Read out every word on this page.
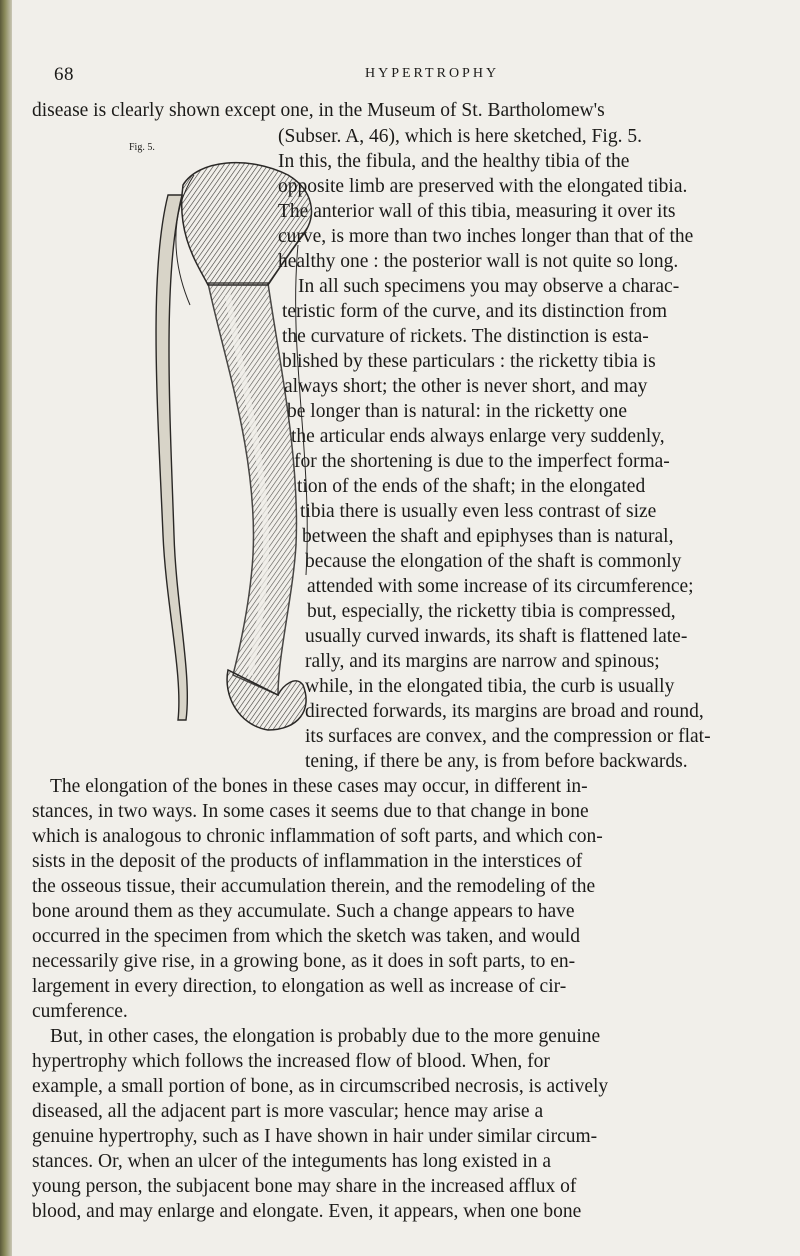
68	HYPERTROPHY
Fig. 5.
disease is clearly shown except one, in the Museum of St. Bartholomew's
(Subser. A, 46), which is here sketched, Fig. 5.
In this, the fibula, and the healthy tibia of the
opposite limb are preserved with the elongated tibia.
The anterior wall of this tibia, measuring it over its
curve, is more than two inches longer than that of the
healthy one : the posterior wall is not quite so long.
In all such specimens you may observe a charac-
teristic form of the curve, and its distinction from
the curvature of rickets. The distinction is esta-
blished by these particulars : the ricketty tibia is
always short; the other is never short, and may
be longer than is natural: in the ricketty one
the articular ends always enlarge very suddenly,
for the shortening is due to the imperfect forma-
tion of the ends of the shaft; in the elongated
tibia there is usually even less contrast of size
between the shaft and epiphyses than is natural,
because the elongation of the shaft is commonly
attended with some increase of its circumference;
but, especially, the ricketty tibia is compressed,
usually curved inwards, its shaft is flattened late-
rally, and its margins are narrow and spinous;
while, in the elongated tibia, the curb is usually
directed forwards, its margins are broad and round,
its surfaces are convex, and the compression or flat-
tening, if there be any, is from before backwards.
The elongation of the bones in these cases may occur, in different in-
stances, in two ways. In some cases it seems due to that change in bone
which is analogous to chronic inflammation of soft parts, and which con-
sists in the deposit of the products of inflammation in the interstices of
the osseous tissue, their accumulation therein, and the remodeling of the
bone around them as they accumulate. Such a change appears to have
occurred in the specimen from which the sketch was taken, and would
necessarily give rise, in a growing bone, as it does in soft parts, to en-
largement in every direction, to elongation as well as increase of cir-
cumference.
But, in other cases, the elongation is probably due to the more genuine
hypertrophy which follows the increased flow of blood. When, for
example, a small portion of bone, as in circumscribed necrosis, is actively
diseased, all the adjacent part is more vascular; hence may arise a
genuine hypertrophy, such as I have shown in hair under similar circum-
stances. Or, when an ulcer of the integuments has long existed in a
young person, the subjacent bone may share in the increased afflux of
blood, and may enlarge and elongate. Even, it appears, when one bone
